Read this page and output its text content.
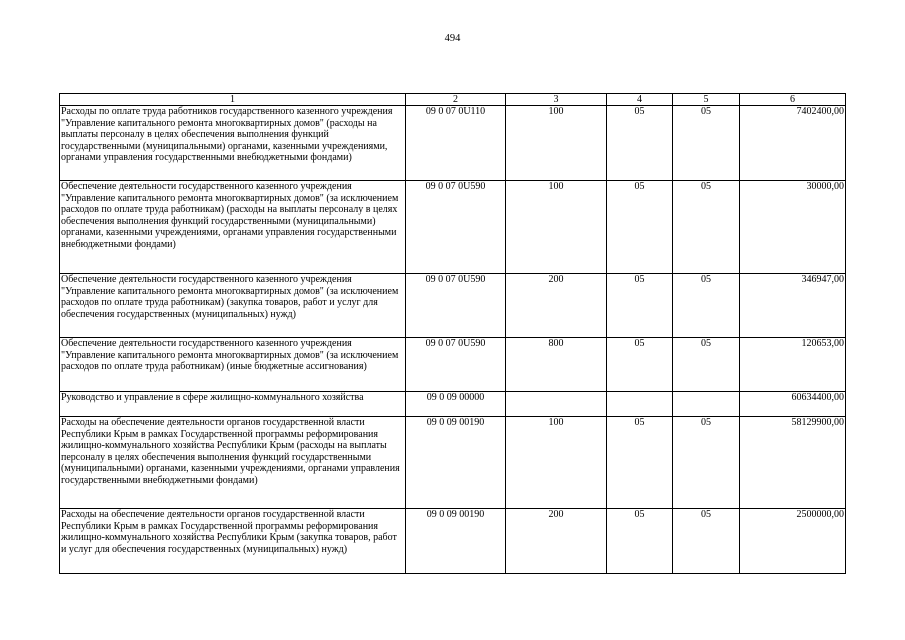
494
1	2	3	4	5	6
Расходы по оплате труда работников государственного казенного учреждения "Управление капитального ремонта многоквартирных домов" (расходы на выплаты персоналу в целях обеспечения выполнения функций государственными (муниципальными) органами, казенными учреждениями, органами управления государственными внебюджетными фондами)	09 0 07 0U110	100	05	05	7402400,00
Обеспечение деятельности государственного казенного учреждения "Управление капитального ремонта многоквартирных домов" (за исключением расходов по оплате труда работникам) (расходы на выплаты персоналу в целях обеспечения выполнения функций государственными (муниципальными) органами, казенными учреждениями, органами управления государственными внебюджетными фондами)	09 0 07 0U590	100	05	05	30000,00
Обеспечение деятельности государственного казенного учреждения "Управление капитального ремонта многоквартирных домов" (за исключением расходов по оплате труда работникам) (закупка товаров, работ и услуг для обеспечения государственных (муниципальных) нужд)	09 0 07 0U590	200	05	05	346947,00
Обеспечение деятельности государственного казенного учреждения "Управление капитального ремонта многоквартирных домов" (за исключением расходов по оплате труда работникам) (иные бюджетные ассигнования)	09 0 07 0U590	800	05	05	120653,00
Руководство и управление в сфере жилищно-коммунального хозяйства	09 0 09 00000				60634400,00
Расходы на обеспечение деятельности органов государственной власти Республики Крым в рамках Государственной программы реформирования жилищно-коммунального хозяйства Республики Крым (расходы на выплаты персоналу в целях обеспечения выполнения функций государственными (муниципальными) органами, казенными учреждениями, органами управления государственными внебюджетными фондами)	09 0 09 00190	100	05	05	58129900,00
Расходы на обеспечение деятельности органов государственной власти Республики Крым в рамках Государственной программы реформирования жилищно-коммунального хозяйства Республики Крым (закупка товаров, работ и услуг для обеспечения государственных (муниципальных) нужд)	09 0 09 00190	200	05	05	2500000,00
